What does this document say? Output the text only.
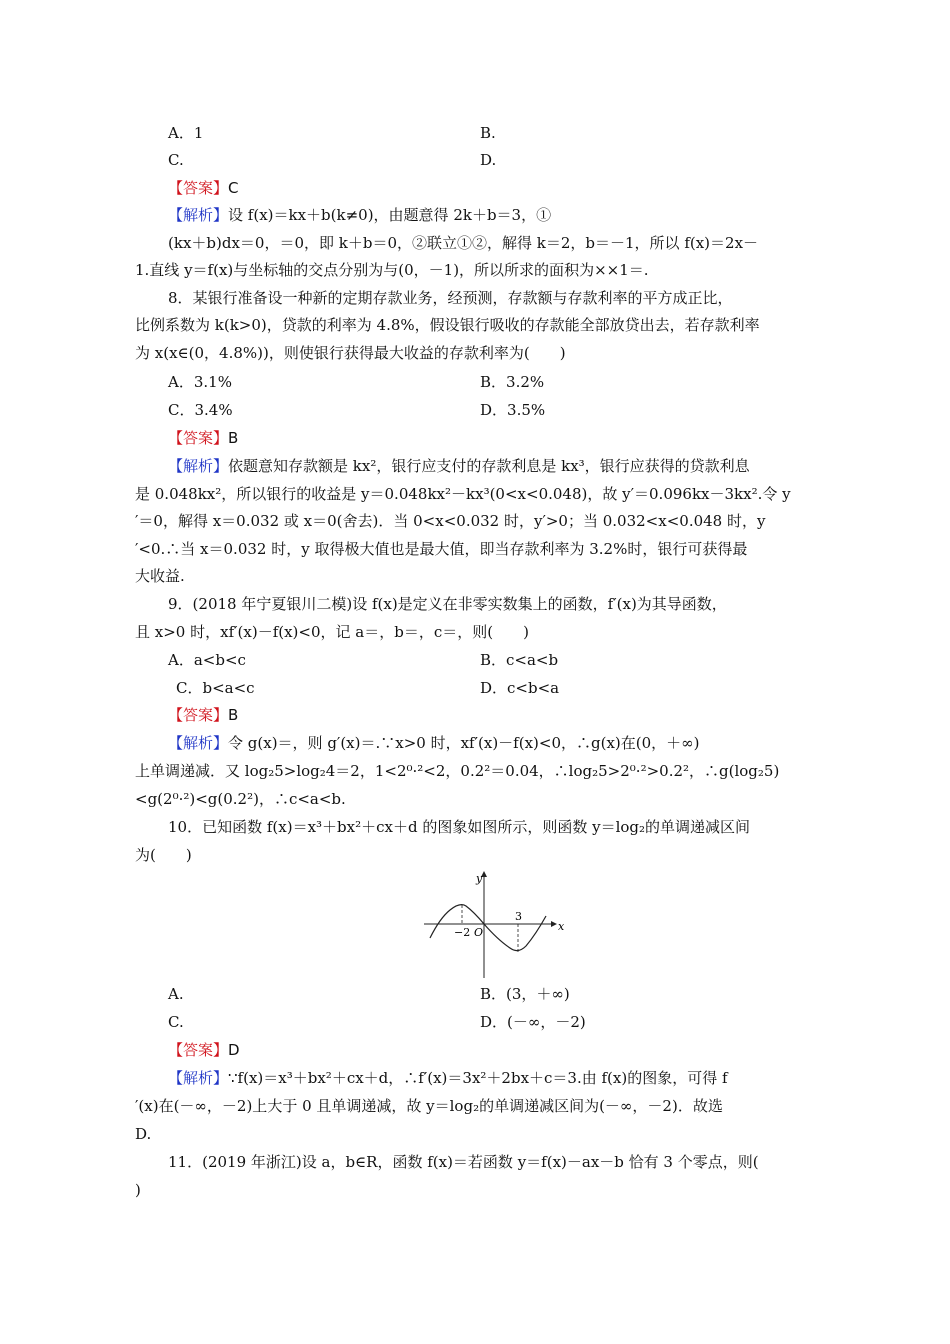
A．1	B.
C.	D.
【答案】C
【解析】设 f(x)＝kx＋b(k≠0)，由题意得 2k＋b＝3，①
(kx＋b)dx＝0，＝0，即 k＋b＝0，②联立①②，解得 k＝2，b＝－1，所以 f(x)＝2x－
1.直线 y＝f(x)与坐标轴的交点分别为与(0，－1)，所以所求的面积为××1＝.
8．某银行准备设一种新的定期存款业务，经预测，存款额与存款利率的平方成正比，
比例系数为 k(k>0)，贷款的利率为 4.8%，假设银行吸收的存款能全部放贷出去，若存款利率
为 x(x∈(0，4.8%))，则使银行获得最大收益的存款利率为(　　)
A．3.1%	B．3.2%
C．3.4%	D．3.5%
【答案】B
【解析】依题意知存款额是 kx²，银行应支付的存款利息是 kx³，银行应获得的贷款利息
是 0.048kx²，所以银行的收益是 y＝0.048kx²－kx³(0<x<0.048)，故 y′＝0.096kx－3kx².令 y
′＝0，解得 x＝0.032 或 x＝0(舍去)．当 0<x<0.032 时，y′>0；当 0.032<x<0.048 时，y
′<0.∴当 x＝0.032 时，y 取得极大值也是最大值，即当存款利率为 3.2%时，银行可获得最
大收益.
9．(2018 年宁夏银川二模)设 f(x)是定义在非零实数集上的函数，f′(x)为其导函数，
且 x>0 时，xf′(x)－f(x)<0，记 a＝，b＝，c＝，则(　　)
A．a<b<c	B．c<a<b
C．b<a<c	D．c<b<a
【答案】B
【解析】令 g(x)＝，则 g′(x)＝.∵x>0 时，xf′(x)－f(x)<0，∴g(x)在(0，＋∞)
上单调递减．又 log₂5>log₂4＝2，1<2⁰·²<2，0.2²＝0.04，∴log₂5>2⁰·²>0.2²，∴g(log₂5)
<g(2⁰·²)<g(0.2²)，∴c<a<b.
10．已知函数 f(x)＝x³＋bx²＋cx＋d 的图象如图所示，则函数 y＝log₂的单调递减区间
为(　　)
y
x
O
−2
3
A.	B．(3，＋∞)
C.	D．(－∞，－2)
【答案】D
【解析】∵f(x)＝x³＋bx²＋cx＋d，∴f′(x)＝3x²＋2bx＋c＝3.由 f(x)的图象，可得 f
′(x)在(－∞，－2)上大于 0 且单调递减，故 y＝log₂的单调递减区间为(－∞，－2)．故选
D.
11．(2019 年浙江)设 a，b∈R，函数 f(x)＝若函数 y＝f(x)－ax－b 恰有 3 个零点，则(
)
